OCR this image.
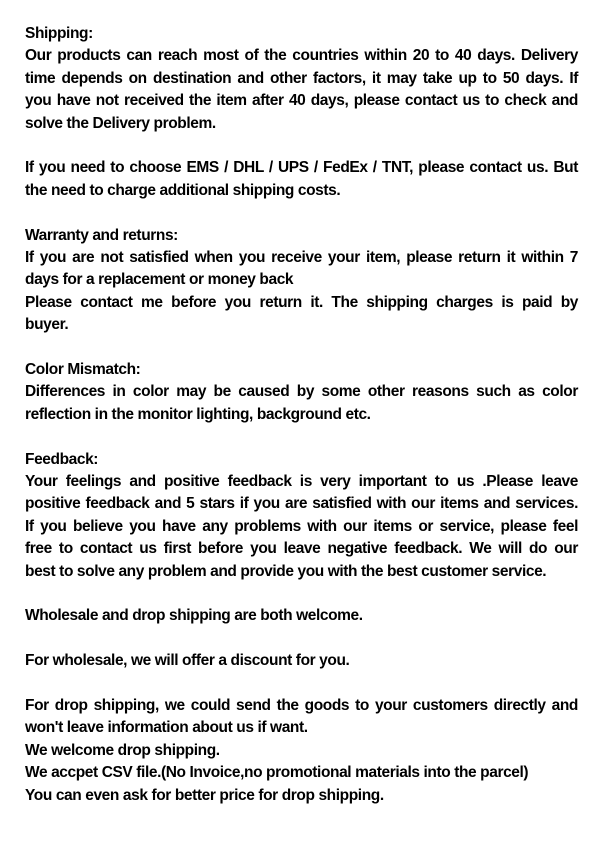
Shipping:
Our products can reach most of the countries within 20 to 40 days. Delivery
time depends on destination and other factors, it may take up to 50 days. If
you have not received the item after 40 days, please contact us to check and
solve the Delivery problem.
If you need to choose EMS / DHL / UPS / FedEx / TNT, please contact us. But
the need to charge additional shipping costs.
Warranty and returns:
If you are not satisfied when you receive your item, please return it within 7
days for a replacement or money back
Please contact me before you return it. The shipping charges is paid by
buyer.
Color Mismatch:
Differences in color may be caused by some other reasons such as color
reflection in the monitor lighting, background etc.
Feedback:
Your feelings and positive feedback is very important to us .Please leave
positive feedback and 5 stars if you are satisfied with our items and services.
If you believe you have any problems with our items or service, please feel
free to contact us first before you leave negative feedback. We will do our
best to solve any problem and provide you with the best customer service.
Wholesale and drop shipping are both welcome.
For wholesale, we will offer a discount for you.
For drop shipping, we could send the goods to your customers directly and
won't leave information about us if want.
We welcome drop shipping.
We accpet CSV file.(No Invoice,no promotional materials into the parcel)
You can even ask for better price for drop shipping.
